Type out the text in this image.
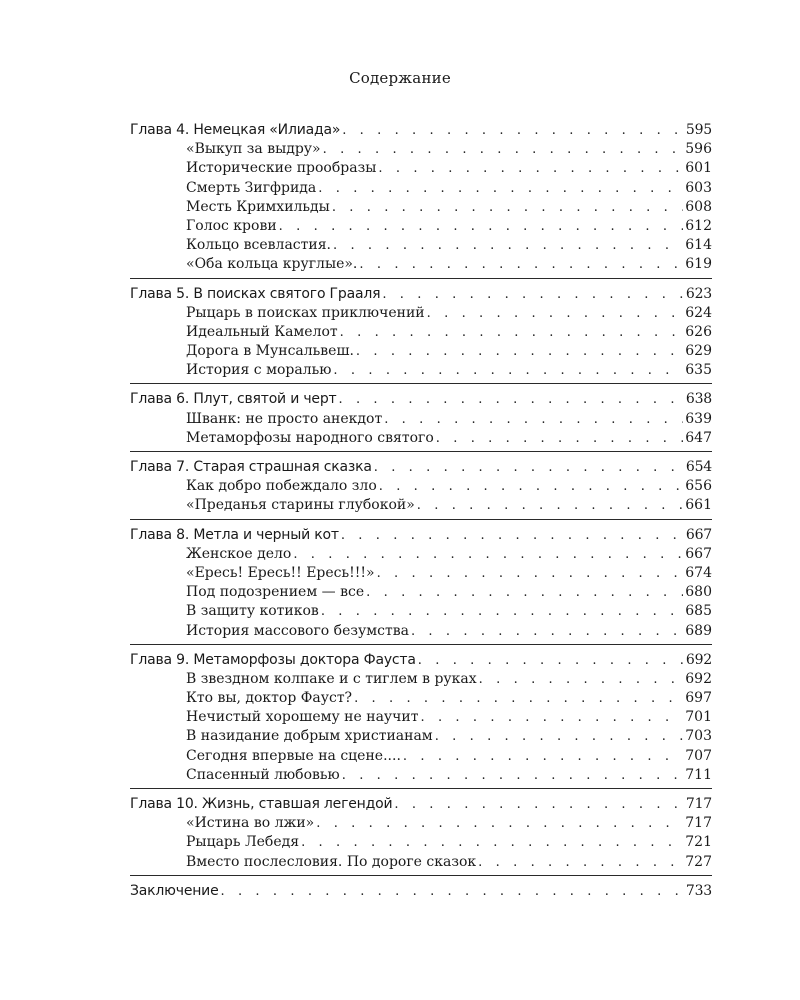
Содержание
Глава 4. Немецкая «Илиада» . . .	595
«Выкуп за выдру» . . .	596
Исторические прообразы . . .	601
Смерть Зигфрида . . .	603
Месть Кримхильды . . .	608
Голос крови . . .	612
Кольцо всевластия. . . .	614
«Оба кольца круглые». . . .	619
Глава 5. В поисках святого Грааля . . .	623
Рыцарь в поисках приключений . . .	624
Идеальный Камелот . . .	626
Дорога в Мунсальвеш. . . .	629
История с моралью . . .	635
Глава 6. Плут, святой и черт . . .	638
Шванк: не просто анекдот . . .	639
Метаморфозы народного святого . . .	647
Глава 7. Старая страшная сказка . . .	654
Как добро побеждало зло . . .	656
«Преданья старины глубокой» . . .	661
Глава 8. Метла и черный кот . . .	667
Женское дело . . .	667
«Ересь! Ересь!! Ересь!!!» . . .	674
Под подозрением — все . . .	680
В защиту котиков . . .	685
История массового безумства . . .	689
Глава 9. Метаморфозы доктора Фауста . . .	692
В звездном колпаке и с тиглем в руках . . .	692
Кто вы, доктор Фауст? . . .	697
Нечистый хорошему не научит . . .	701
В назидание добрым христианам . . .	703
Сегодня впервые на сцене.... . . .	707
Спасенный любовью . . .	711
Глава 10. Жизнь, ставшая легендой . . .	717
«Истина во лжи» . . .	717
Рыцарь Лебедя . . .	721
Вместо послесловия. По дороге сказок . . .	727
Заключение . . .	733
